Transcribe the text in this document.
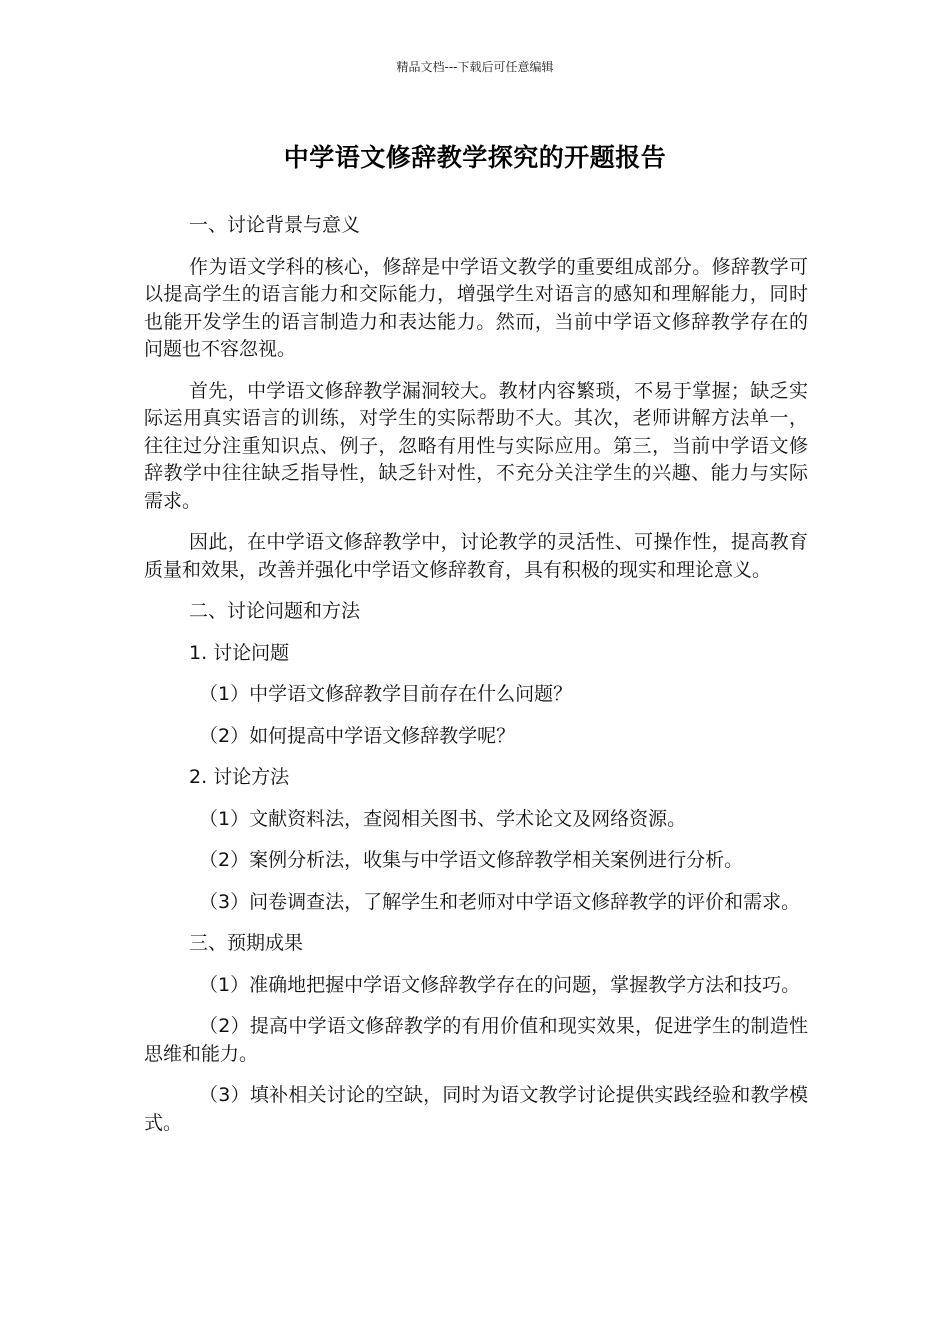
精品文档---下载后可任意编辑
中学语文修辞教学探究的开题报告

一、讨论背景与意义

作为语文学科的核心，修辞是中学语文教学的重要组成部分。修辞教学可以提高学生的语言能力和交际能力，增强学生对语言的感知和理解能力，同时也能开发学生的语言制造力和表达能力。然而，当前中学语文修辞教学存在的问题也不容忽视。

首先，中学语文修辞教学漏洞较大。教材内容繁琐，不易于掌握；缺乏实际运用真实语言的训练，对学生的实际帮助不大。其次，老师讲解方法单一，往往过分注重知识点、例子，忽略有用性与实际应用。第三，当前中学语文修辞教学中往往缺乏指导性，缺乏针对性，不充分关注学生的兴趣、能力与实际需求。

因此，在中学语文修辞教学中，讨论教学的灵活性、可操作性，提高教育质量和效果，改善并强化中学语文修辞教育，具有积极的现实和理论意义。

二、讨论问题和方法

1. 讨论问题

（1）中学语文修辞教学目前存在什么问题？

（2）如何提高中学语文修辞教学呢？

2. 讨论方法

（1）文献资料法，查阅相关图书、学术论文及网络资源。

（2）案例分析法，收集与中学语文修辞教学相关案例进行分析。

（3）问卷调查法，了解学生和老师对中学语文修辞教学的评价和需求。

三、预期成果

（1）准确地把握中学语文修辞教学存在的问题，掌握教学方法和技巧。

（2）提高中学语文修辞教学的有用价值和现实效果，促进学生的制造性思维和能力。

（3）填补相关讨论的空缺，同时为语文教学讨论提供实践经验和教学模式。
